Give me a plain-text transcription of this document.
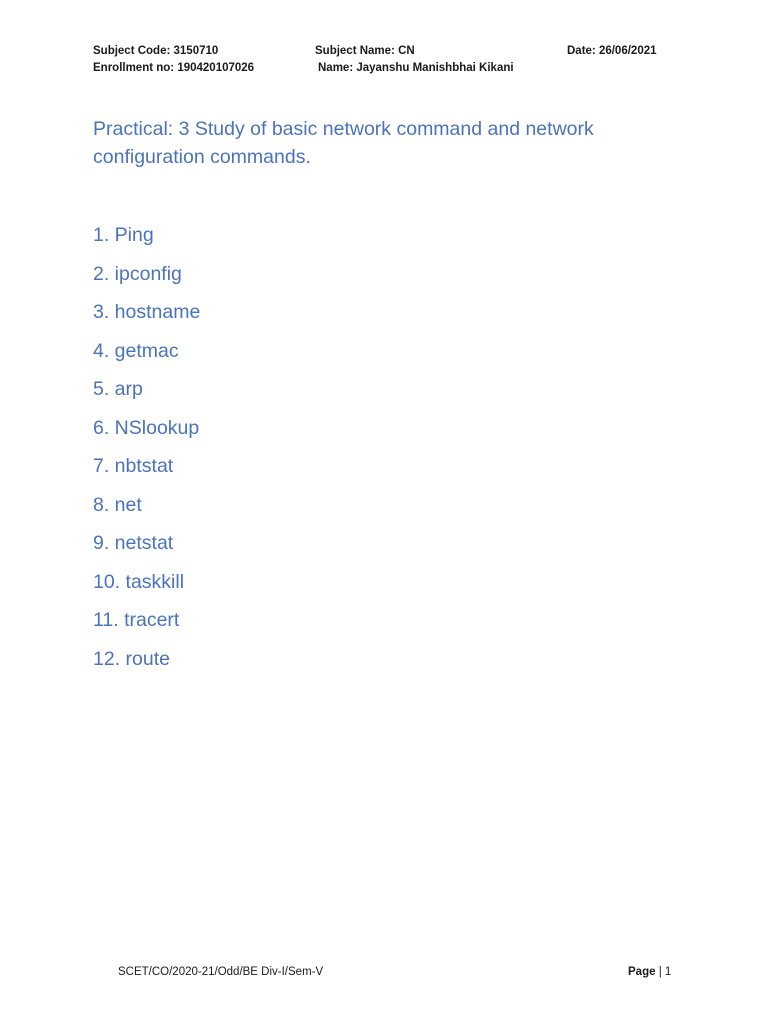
Subject Code: 3150710	Subject Name: CN	Date: 26/06/2021
Enrollment no: 190420107026	Name: Jayanshu Manishbhai Kikani
Practical: 3 Study of basic network command and network configuration commands.
1. Ping
2. ipconfig
3. hostname
4. getmac
5. arp
6. NSlookup
7. nbtstat
8. net
9. netstat
10. taskkill
11. tracert
12. route
SCET/CO/2020-21/Odd/BE Div-I/Sem-V	Page | 1
